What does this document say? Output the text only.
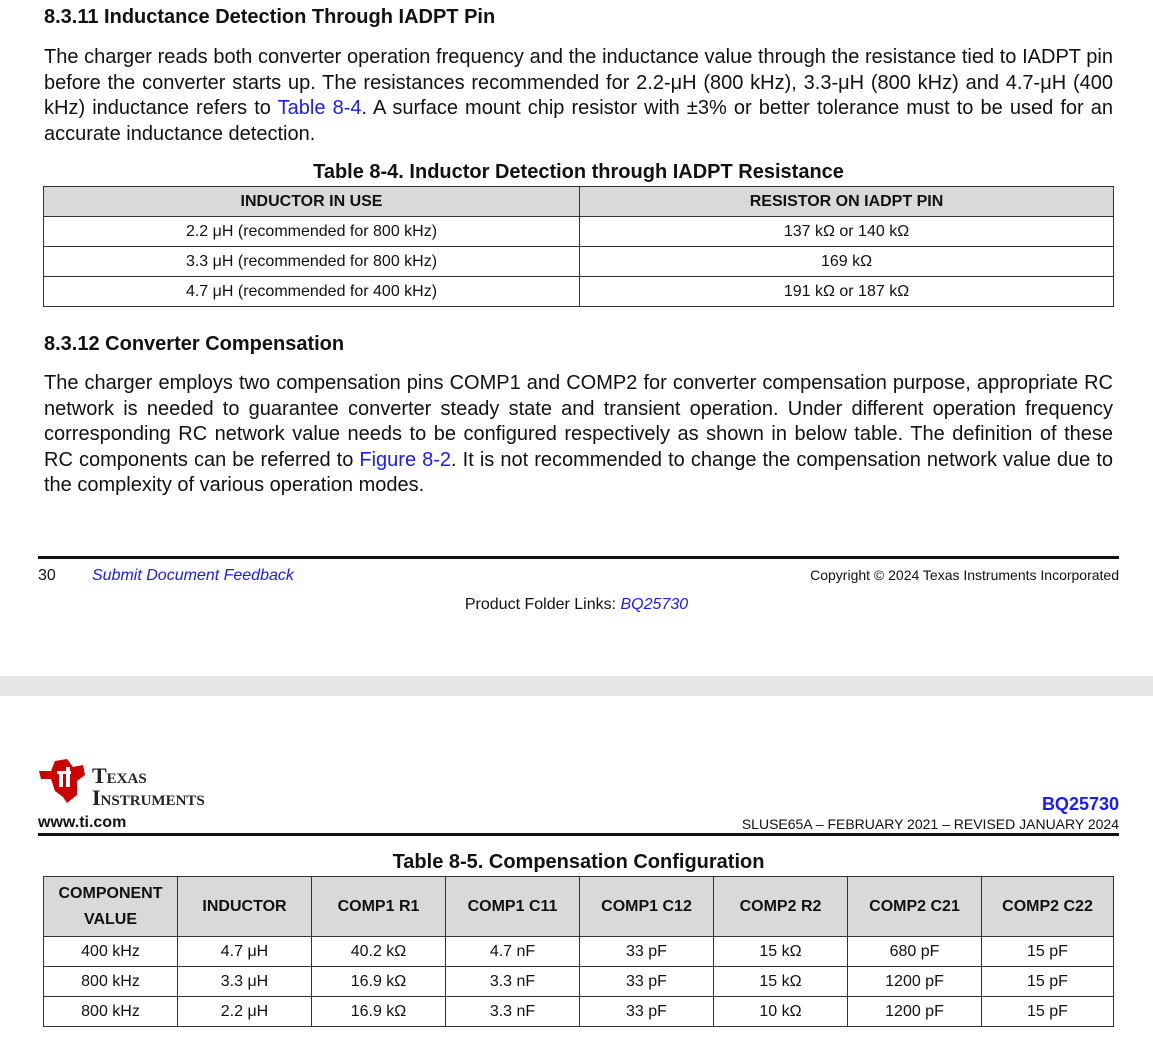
8.3.11 Inductance Detection Through IADPT Pin
The charger reads both converter operation frequency and the inductance value through the resistance tied to IADPT pin before the converter starts up. The resistances recommended for 2.2-μH (800 kHz), 3.3-μH (800 kHz) and 4.7-μH (400 kHz) inductance refers to Table 8-4. A surface mount chip resistor with ±3% or better tolerance must to be used for an accurate inductance detection.
Table 8-4. Inductor Detection through IADPT Resistance
INDUCTOR IN USE	RESISTOR ON IADPT PIN
2.2 μH (recommended for 800 kHz)	137 kΩ or 140 kΩ
3.3 μH (recommended for 800 kHz)	169 kΩ
4.7 μH (recommended for 400 kHz)	191 kΩ or 187 kΩ
8.3.12 Converter Compensation
The charger employs two compensation pins COMP1 and COMP2 for converter compensation purpose, appropriate RC network is needed to guarantee converter steady state and transient operation. Under different operation frequency corresponding RC network value needs to be configured respectively as shown in below table. The definition of these RC components can be referred to Figure 8-2. It is not recommended to change the compensation network value due to the complexity of various operation modes.
30 Submit Document Feedback	Copyright © 2024 Texas Instruments Incorporated
Product Folder Links: BQ25730
Texas
Instruments
www.ti.com
BQ25730
SLUSE65A – FEBRUARY 2021 – REVISED JANUARY 2024
Table 8-5. Compensation Configuration
COMPONENT VALUE	INDUCTOR	COMP1 R1	COMP1 C11	COMP1 C12	COMP2 R2	COMP2 C21	COMP2 C22
400 kHz	4.7 μH	40.2 kΩ	4.7 nF	33 pF	15 kΩ	680 pF	15 pF
800 kHz	3.3 μH	16.9 kΩ	3.3 nF	33 pF	15 kΩ	1200 pF	15 pF
800 kHz	2.2 μH	16.9 kΩ	3.3 nF	33 pF	10 kΩ	1200 pF	15 pF
